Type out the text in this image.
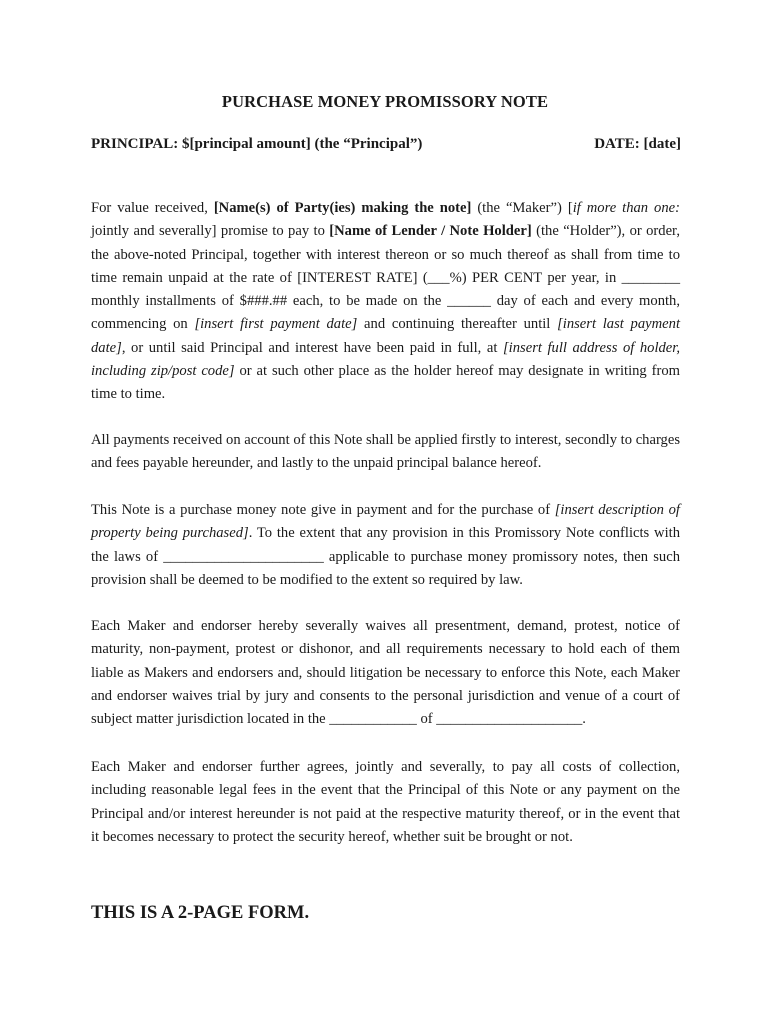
PURCHASE MONEY PROMISSORY NOTE
PRINCIPAL: $[principal amount] (the “Principal”)	DATE: [date]

For value received, [Name(s) of Party(ies) making the note] (the “Maker”) [if more than one: jointly and severally] promise to pay to [Name of Lender / Note Holder] (the “Holder”), or order, the above-noted Principal, together with interest thereon or so much thereof as shall from time to time remain unpaid at the rate of [INTEREST RATE] (___%) PER CENT per year, in ________ monthly installments of $###.## each, to be made on the ______ day of each and every month, commencing on [insert first payment date] and continuing thereafter until [insert last payment date], or until said Principal and interest have been paid in full, at [insert full address of holder, including zip/post code] or at such other place as the holder hereof may designate in writing from time to time.

All payments received on account of this Note shall be applied firstly to interest, secondly to charges and fees payable hereunder, and lastly to the unpaid principal balance hereof.

This Note is a purchase money note give in payment and for the purchase of [insert description of property being purchased]. To the extent that any provision in this Promissory Note conflicts with the laws of ______________________ applicable to purchase money promissory notes, then such provision shall be deemed to be modified to the extent so required by law.

Each Maker and endorser hereby severally waives all presentment, demand, protest, notice of maturity, non-payment, protest or dishonor, and all requirements necessary to hold each of them liable as Makers and endorsers and, should litigation be necessary to enforce this Note, each Maker and endorser waives trial by jury and consents to the personal jurisdiction and venue of a court of subject matter jurisdiction located in the ____________ of ____________________.

Each Maker and endorser further agrees, jointly and severally, to pay all costs of collection, including reasonable legal fees in the event that the Principal of this Note or any payment on the Principal and/or interest hereunder is not paid at the respective maturity thereof, or in the event that it becomes necessary to protect the security hereof, whether suit be brought or not.

THIS IS A 2-PAGE FORM.
